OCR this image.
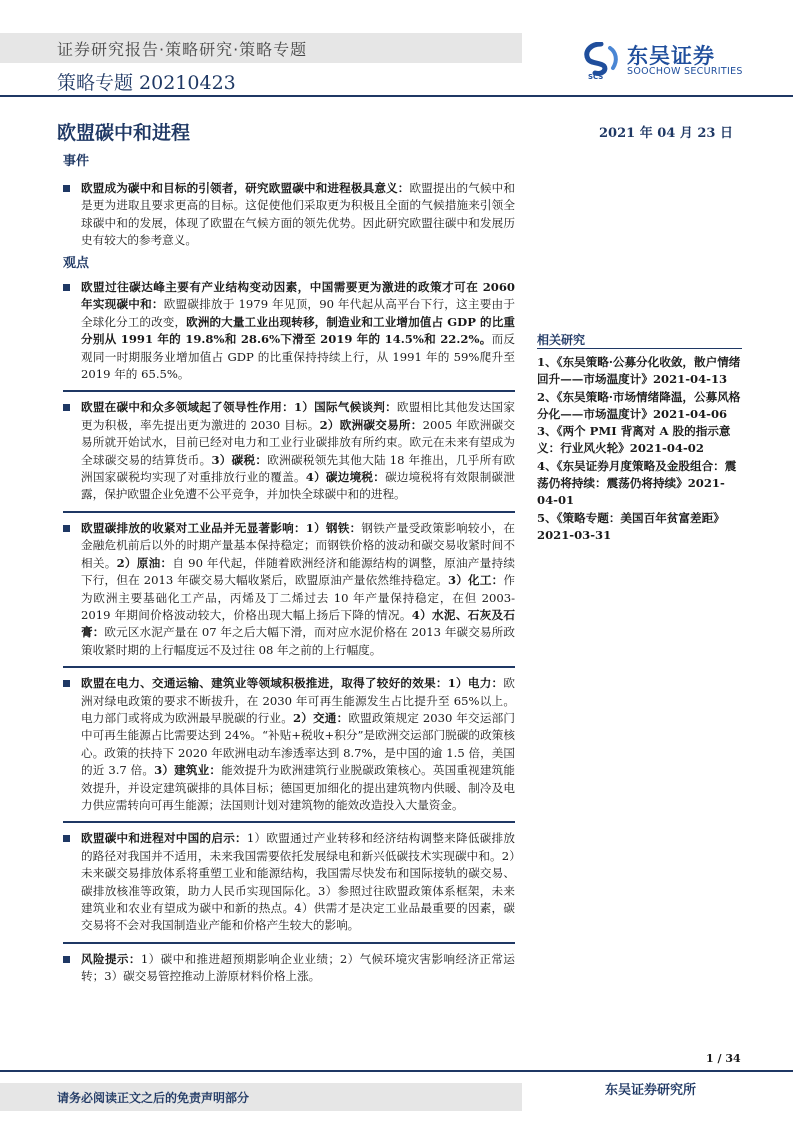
证券研究报告·策略研究·策略专题
策略专题 20210423	SCS
东吴证券
SOOCHOW SECURITIES
欧盟碳中和进程	2021 年 04 月 23 日
事件

欧盟成为碳中和目标的引领者，研究欧盟碳中和进程极具意义：欧盟提出的气候中和是更为进取且要求更高的目标。这促使他们采取更为积极且全面的气候措施来引领全球碳中和的发展，体现了欧盟在气候方面的领先优势。因此研究欧盟往碳中和发展历史有较大的参考意义。

观点

欧盟过往碳达峰主要有产业结构变动因素，中国需要更为激进的政策才可在 2060 年实现碳中和：欧盟碳排放于 1979 年见顶，90 年代起从高平台下行，这主要由于全球化分工的改变，欧洲的大量工业出现转移，制造业和工业增加值占 GDP 的比重分别从 1991 年的 19.8%和 28.6%下滑至 2019 年的 14.5%和 22.2%。而反观同一时期服务业增加值占 GDP 的比重保持持续上行，从 1991 年的 59%爬升至 2019 年的 65.5%。

欧盟在碳中和众多领域起了领导性作用：1）国际气候谈判：欧盟相比其他发达国家更为积极，率先提出更为激进的 2030 目标。2）欧洲碳交易所：2005 年欧洲碳交易所就开始试水，目前已经对电力和工业行业碳排放有所约束。欧元在未来有望成为全球碳交易的结算货币。3）碳税：欧洲碳税领先其他大陆 18 年推出，几乎所有欧洲国家碳税均实现了对重排放行业的覆盖。4）碳边境税：碳边境税将有效限制碳泄露，保护欧盟企业免遭不公平竞争，并加快全球碳中和的进程。

欧盟碳排放的收紧对工业品并无显著影响：1）钢铁：钢铁产量受政策影响较小，在金融危机前后以外的时期产量基本保持稳定；而钢铁价格的波动和碳交易收紧时间不相关。2）原油：自 90 年代起，伴随着欧洲经济和能源结构的调整，原油产量持续下行，但在 2013 年碳交易大幅收紧后，欧盟原油产量依然维持稳定。3）化工：作为欧洲主要基础化工产品，丙烯及丁二烯过去 10 年产量保持稳定，在但 2003-2019 年期间价格波动较大，价格出现大幅上扬后下降的情况。4）水泥、石灰及石膏：欧元区水泥产量在 07 年之后大幅下滑，而对应水泥价格在 2013 年碳交易所政策收紧时期的上行幅度远不及过往 08 年之前的上行幅度。

欧盟在电力、交通运输、建筑业等领域积极推进，取得了较好的效果：1）电力：欧洲对绿电政策的要求不断拔升，在 2030 年可再生能源发生占比提升至 65%以上。电力部门或将成为欧洲最早脱碳的行业。2）交通：欧盟政策规定 2030 年交运部门中可再生能源占比需要达到 24%。“补贴+税收+积分”是欧洲交运部门脱碳的政策核心。政策的扶持下 2020 年欧洲电动车渗透率达到 8.7%，是中国的逾 1.5 倍，美国的近 3.7 倍。3）建筑业：能效提升为欧洲建筑行业脱碳政策核心。英国重视建筑能效提升，并设定建筑碳排的具体目标；德国更加细化的提出建筑物内供暖、制冷及电力供应需转向可再生能源；法国则计划对建筑物的能效改造投入大量资金。

欧盟碳中和进程对中国的启示：1）欧盟通过产业转移和经济结构调整来降低碳排放的路径对我国并不适用，未来我国需要依托发展绿电和新兴低碳技术实现碳中和。2）未来碳交易排放体系将重塑工业和能源结构，我国需尽快发布和国际接轨的碳交易、碳排放核准等政策，助力人民币实现国际化。3）参照过往欧盟政策体系框架，未来建筑业和农业有望成为碳中和新的热点。4）供需才是决定工业品最重要的因素，碳交易将不会对我国制造业产能和价格产生较大的影响。

风险提示：1）碳中和推进超预期影响企业业绩；2）气候环境灾害影响经济正常运转；3）碳交易管控推动上游原材料价格上涨。

相关研究

1、《东吴策略·公募分化收敛，散户情绪回升——市场温度计》2021-04-13

2、《东吴策略·市场情绪降温，公募风格分化——市场温度计》2021-04-06

3、《两个 PMI 背离对 A 股的指示意义：行业风火轮》2021-04-02

4、《东吴证券月度策略及金股组合：震荡仍将持续：震荡仍将持续》2021-04-01

5、《策略专题：美国百年贫富差距》2021-03-31

1 / 34
请务必阅读正文之后的免责声明部分	东吴证券研究所
